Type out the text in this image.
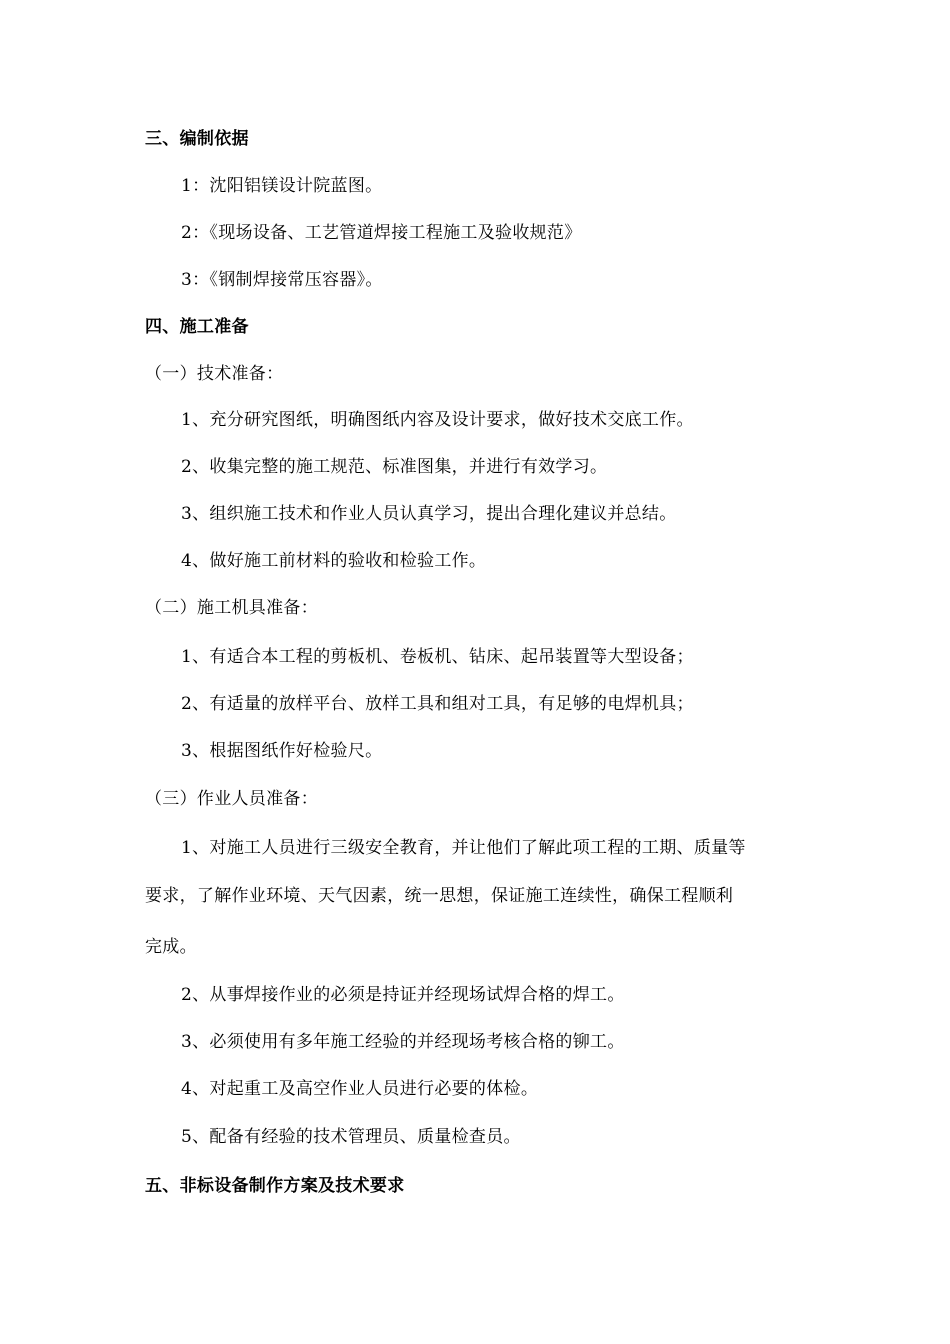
三、编制依据
1：沈阳铝镁设计院蓝图。
2：《现场设备、工艺管道焊接工程施工及验收规范》
3：《钢制焊接常压容器》。
四、施工准备
（一）技术准备：
1、充分研究图纸，明确图纸内容及设计要求，做好技术交底工作。
2、收集完整的施工规范、标准图集，并进行有效学习。
3、组织施工技术和作业人员认真学习，提出合理化建议并总结。
4、做好施工前材料的验收和检验工作。
（二）施工机具准备：
1、有适合本工程的剪板机、卷板机、钻床、起吊装置等大型设备；
2、有适量的放样平台、放样工具和组对工具，有足够的电焊机具；
3、根据图纸作好检验尺。
（三）作业人员准备：
1、对施工人员进行三级安全教育，并让他们了解此项工程的工期、质量等
要求，了解作业环境、天气因素，统一思想，保证施工连续性，确保工程顺利
完成。
2、从事焊接作业的必须是持证并经现场试焊合格的焊工。
3、必须使用有多年施工经验的并经现场考核合格的铆工。
4、对起重工及高空作业人员进行必要的体检。
5、配备有经验的技术管理员、质量检查员。
五、非标设备制作方案及技术要求
